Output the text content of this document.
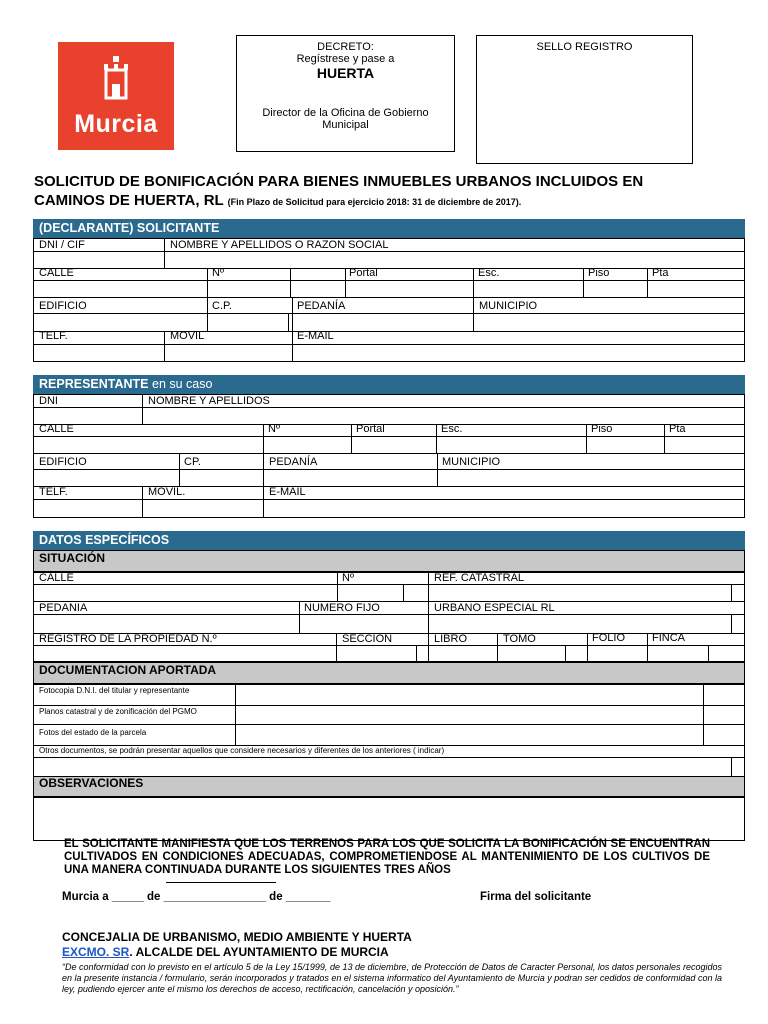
Murcia
DECRETO:
Regístrese y pase a
HUERTA
Director de la Oficina de Gobierno
Municipal
SELLO REGISTRO
SOLICITUD DE BONIFICACIÓN PARA BIENES INMUEBLES URBANOS INCLUIDOS EN
CAMINOS DE HUERTA, RL (Fin Plazo de Solicitud para ejercicio 2018: 31 de diciembre de 2017).
(DECLARANTE) SOLICITANTE
DNI / CIF	NOMBRE Y APELLIDOS O RAZON SOCIAL
CALLE	Nº	Portal	Esc.	Piso	Pta
EDIFICIO	C.P.	PEDANÍA	MUNICIPIO
TELF.	MOVIL	E-MAIL
REPRESENTANTE en su caso
DNI	NOMBRE Y APELLIDOS
CALLE	Nº	Portal	Esc.	Piso	Pta
EDIFICIO	CP.	PEDANÍA	MUNICIPIO
TELF.	MOVIL.	E-MAIL
DATOS ESPECÍFICOS
SITUACIÓN
CALLE	Nº	REF. CATASTRAL
PEDANIA	NUMERO FIJO	URBANO ESPECIAL RL
REGISTRO DE LA PROPIEDAD N.º	SECCION	LIBRO	TOMO	FOLIO FINCA
DOCUMENTACION APORTADA
Fotocopia D.N.I. del titular y representante
Planos catastral y de zonificación del PGMO
Fotos del estado de la parcela
Otros documentos, se podrán presentar aquellos que considere necesarios y diferentes de los anteriores ( indicar)
OBSERVACIONES
EL SOLICITANTE MANIFIESTA QUE LOS TERRENOS PARA LOS QUE SOLICITA LA BONIFICACIÓN SE ENCUENTRAN CULTIVADOS EN CONDICIONES ADECUADAS, COMPROMETIENDOSE AL MANTENIMIENTO DE LOS CULTIVOS DE UNA MANERA CONTINUADA DURANTE LOS SIGUIENTES TRES AÑOS
Murcia a _____ de ________________ de _______	Firma del solicitante
CONCEJALIA DE URBANISMO, MEDIO AMBIENTE Y HUERTA
EXCMO. SR. ALCALDE DEL AYUNTAMIENTO DE MURCIA
“De conformidad con lo previsto en el artículo 5 de la Ley 15/1999, de 13 de diciembre, de Protección de Datos de Caracter Personal, los datos personales recogidos en la presente instancia / formulario, serán incorporados y tratados en el sistema informatico del Ayuntamiento de Murcia y podran ser cedidos de conformidad con la ley, pudiendo ejercer ante el mismo los derechos de acceso, rectificación, cancelación y oposición.”
